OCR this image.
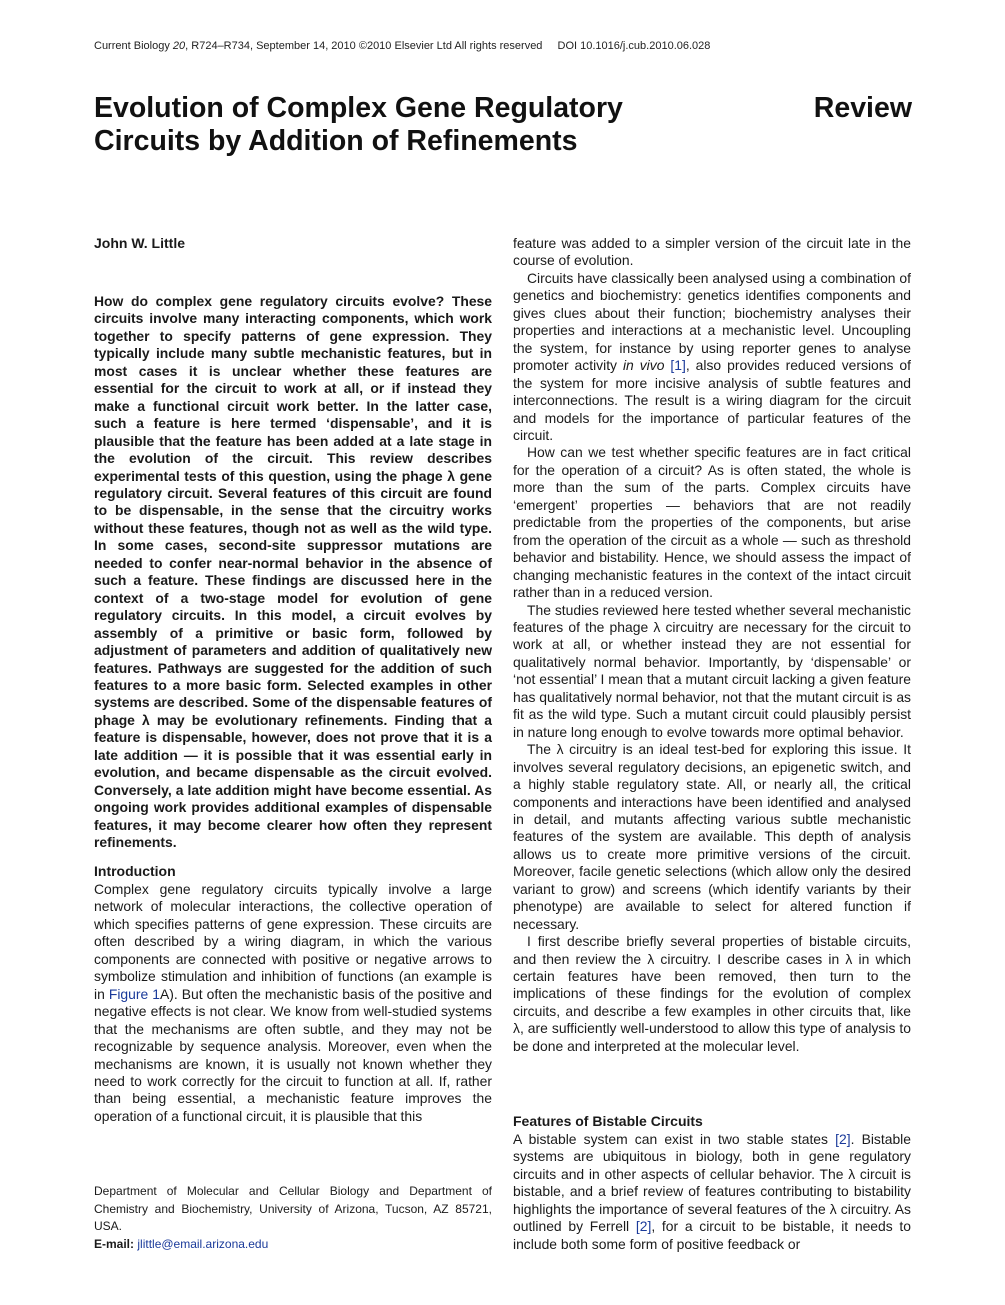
Current Biology 20, R724–R734, September 14, 2010 ©2010 Elsevier Ltd All rights reserved DOI 10.1016/j.cub.2010.06.028
Evolution of Complex Gene Regulatory Circuits by Addition of Refinements
Review
John W. Little
How do complex gene regulatory circuits evolve? These circuits involve many interacting components, which work together to specify patterns of gene expression. They typically include many subtle mechanistic features, but in most cases it is unclear whether these features are essential for the circuit to work at all, or if instead they make a functional circuit work better. In the latter case, such a feature is here termed ‘dispensable’, and it is plausible that the feature has been added at a late stage in the evolution of the circuit. This review describes experimental tests of this question, using the phage λ gene regulatory circuit. Several features of this circuit are found to be dispensable, in the sense that the circuitry works without these features, though not as well as the wild type. In some cases, second-site suppressor mutations are needed to confer near-normal behavior in the absence of such a feature. These findings are discussed here in the context of a two-stage model for evolution of gene regulatory circuits. In this model, a circuit evolves by assembly of a primitive or basic form, followed by adjustment of parameters and addition of qualitatively new features. Pathways are suggested for the addition of such features to a more basic form. Selected examples in other systems are described. Some of the dispensable features of phage λ may be evolutionary refinements. Finding that a feature is dispensable, however, does not prove that it is a late addition — it is possible that it was essential early in evolution, and became dispensable as the circuit evolved. Conversely, a late addition might have become essential. As ongoing work provides additional examples of dispensable features, it may become clearer how often they represent refinements.
Introduction
Complex gene regulatory circuits typically involve a large network of molecular interactions, the collective operation of which specifies patterns of gene expression. These circuits are often described by a wiring diagram, in which the various components are connected with positive or negative arrows to symbolize stimulation and inhibition of functions (an example is in Figure 1A). But often the mechanistic basis of the positive and negative effects is not clear. We know from well-studied systems that the mechanisms are often subtle, and they may not be recognizable by sequence analysis. Moreover, even when the mechanisms are known, it is usually not known whether they need to work correctly for the circuit to function at all. If, rather than being essential, a mechanistic feature improves the operation of a functional circuit, it is plausible that this
Department of Molecular and Cellular Biology and Department of Chemistry and Biochemistry, University of Arizona, Tucson, AZ 85721, USA.
E-mail: jlittle@email.arizona.edu

feature was added to a simpler version of the circuit late in the course of evolution.

Circuits have classically been analysed using a combination of genetics and biochemistry: genetics identifies components and gives clues about their function; biochemistry analyses their properties and interactions at a mechanistic level. Uncoupling the system, for instance by using reporter genes to analyse promoter activity in vivo [1], also provides reduced versions of the system for more incisive analysis of subtle features and interconnections. The result is a wiring diagram for the circuit and models for the importance of particular features of the circuit.

How can we test whether specific features are in fact critical for the operation of a circuit? As is often stated, the whole is more than the sum of the parts. Complex circuits have ‘emergent’ properties — behaviors that are not readily predictable from the properties of the components, but arise from the operation of the circuit as a whole — such as threshold behavior and bistability. Hence, we should assess the impact of changing mechanistic features in the context of the intact circuit rather than in a reduced version.

The studies reviewed here tested whether several mechanistic features of the phage λ circuitry are necessary for the circuit to work at all, or whether instead they are not essential for qualitatively normal behavior. Importantly, by ‘dispensable’ or ‘not essential’ I mean that a mutant circuit lacking a given feature has qualitatively normal behavior, not that the mutant circuit is as fit as the wild type. Such a mutant circuit could plausibly persist in nature long enough to evolve towards more optimal behavior.

The λ circuitry is an ideal test-bed for exploring this issue. It involves several regulatory decisions, an epigenetic switch, and a highly stable regulatory state. All, or nearly all, the critical components and interactions have been identified and analysed in detail, and mutants affecting various subtle mechanistic features of the system are available. This depth of analysis allows us to create more primitive versions of the circuit. Moreover, facile genetic selections (which allow only the desired variant to grow) and screens (which identify variants by their phenotype) are available to select for altered function if necessary.

I first describe briefly several properties of bistable circuits, and then review the λ circuitry. I describe cases in λ in which certain features have been removed, then turn to the implications of these findings for the evolution of complex circuits, and describe a few examples in other circuits that, like λ, are sufficiently well-understood to allow this type of analysis to be done and interpreted at the molecular level.

Features of Bistable Circuits

A bistable system can exist in two stable states [2]. Bistable systems are ubiquitous in biology, both in gene regulatory circuits and in other aspects of cellular behavior. The λ circuit is bistable, and a brief review of features contributing to bistability highlights the importance of several features of the λ circuitry. As outlined by Ferrell [2], for a circuit to be bistable, it needs to include both some form of positive feedback or
